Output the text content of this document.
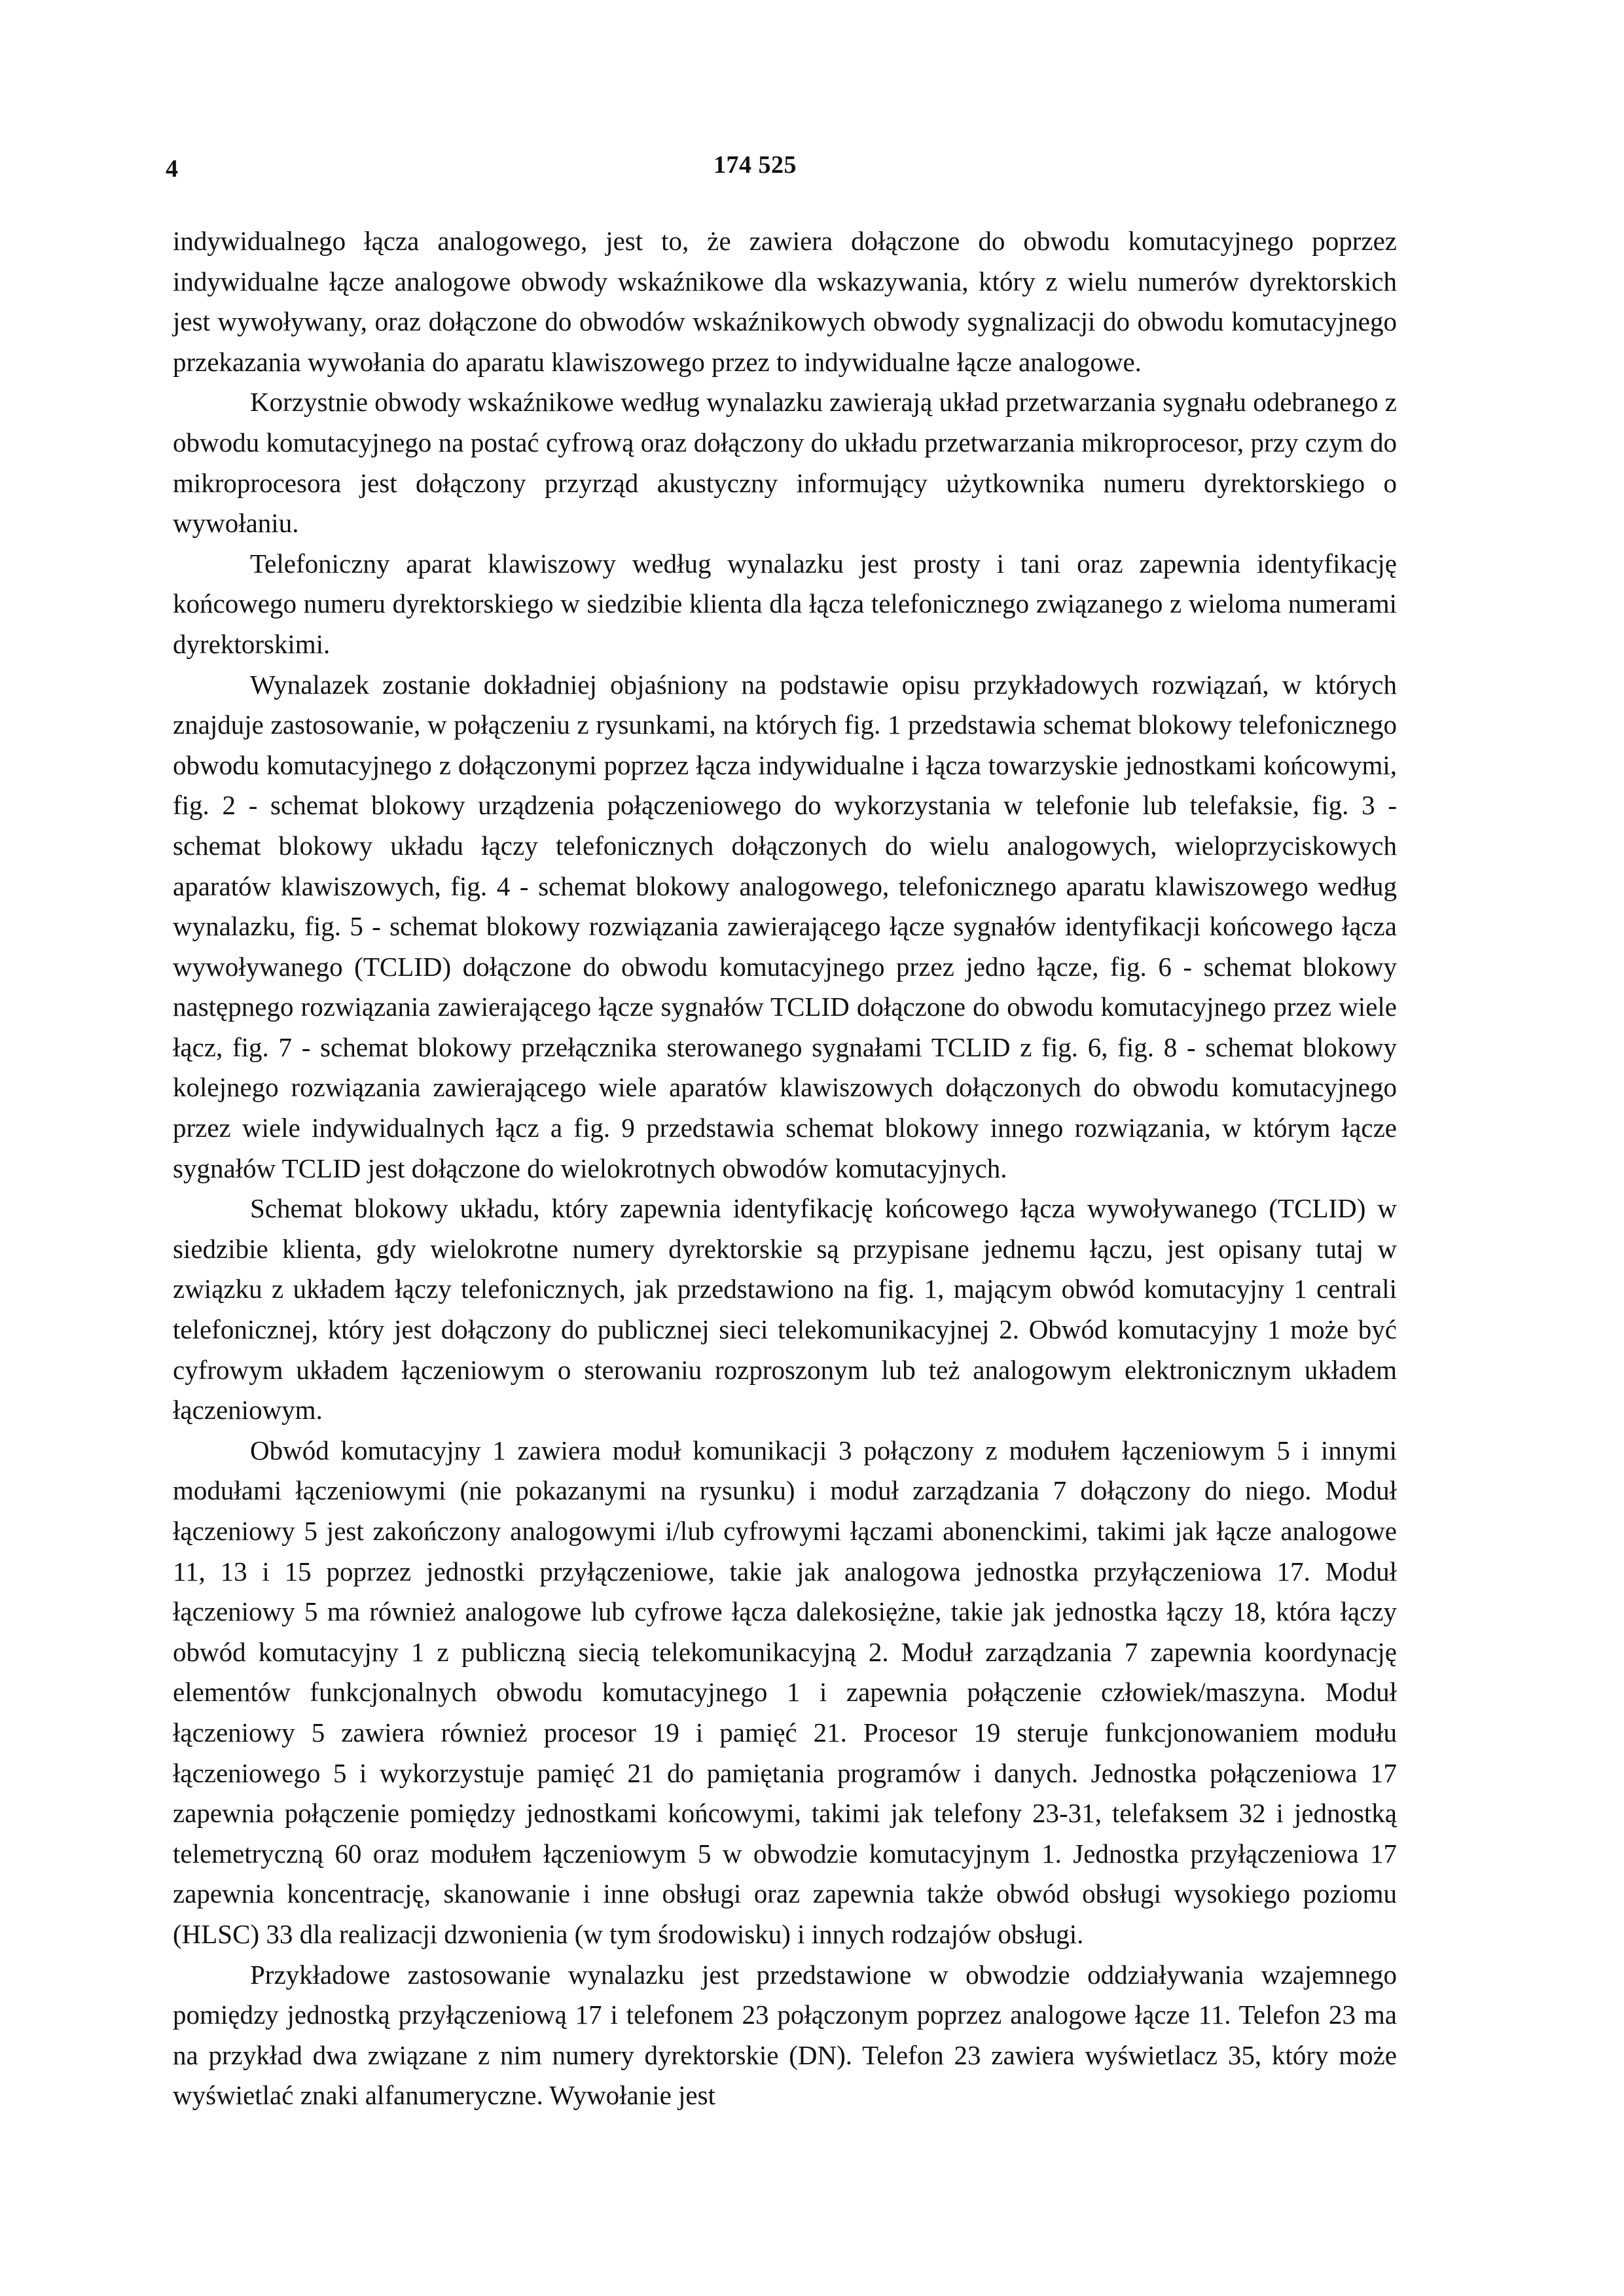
4	174 525

indywidualnego łącza analogowego, jest to, że zawiera dołączone do obwodu komutacyjnego poprzez indywidualne łącze analogowe obwody wskaźnikowe dla wskazywania, który z wielu numerów dyrektorskich jest wywoływany, oraz dołączone do obwodów wskaźnikowych obwody sygnalizacji do obwodu komutacyjnego przekazania wywołania do aparatu klawiszowego przez to indywidualne łącze analogowe.

Korzystnie obwody wskaźnikowe według wynalazku zawierają układ przetwarzania sygnału odebranego z obwodu komutacyjnego na postać cyfrową oraz dołączony do układu przetwarzania mikroprocesor, przy czym do mikroprocesora jest dołączony przyrząd akustyczny informujący użytkownika numeru dyrektorskiego o wywołaniu.

Telefoniczny aparat klawiszowy według wynalazku jest prosty i tani oraz zapewnia identyfikację końcowego numeru dyrektorskiego w siedzibie klienta dla łącza telefonicznego związanego z wieloma numerami dyrektorskimi.

Wynalazek zostanie dokładniej objaśniony na podstawie opisu przykładowych rozwiązań, w których znajduje zastosowanie, w połączeniu z rysunkami, na których fig. 1 przedstawia schemat blokowy telefonicznego obwodu komutacyjnego z dołączonymi poprzez łącza indywidualne i łącza towarzyskie jednostkami końcowymi, fig. 2 - schemat blokowy urządzenia połączeniowego do wykorzystania w telefonie lub telefaksie, fig. 3 - schemat blokowy układu łączy telefonicznych dołączonych do wielu analogowych, wieloprzyciskowych aparatów klawiszowych, fig. 4 - schemat blokowy analogowego, telefonicznego aparatu klawiszowego według wynalazku, fig. 5 - schemat blokowy rozwiązania zawierającego łącze sygnałów identyfikacji końcowego łącza wywoływanego (TCLID) dołączone do obwodu komutacyjnego przez jedno łącze, fig. 6 - schemat blokowy następnego rozwiązania zawierającego łącze sygnałów TCLID dołączone do obwodu komutacyjnego przez wiele łącz, fig. 7 - schemat blokowy przełącznika sterowanego sygnałami TCLID z fig. 6, fig. 8 - schemat blokowy kolejnego rozwiązania zawierającego wiele aparatów klawiszowych dołączonych do obwodu komutacyjnego przez wiele indywidualnych łącz a fig. 9 przedstawia schemat blokowy innego rozwiązania, w którym łącze sygnałów TCLID jest dołączone do wielokrotnych obwodów komutacyjnych.

Schemat blokowy układu, który zapewnia identyfikację końcowego łącza wywoływanego (TCLID) w siedzibie klienta, gdy wielokrotne numery dyrektorskie są przypisane jednemu łączu, jest opisany tutaj w związku z układem łączy telefonicznych, jak przedstawiono na fig. 1, mającym obwód komutacyjny 1 centrali telefonicznej, który jest dołączony do publicznej sieci telekomunikacyjnej 2. Obwód komutacyjny 1 może być cyfrowym układem łączeniowym o sterowaniu rozproszonym lub też analogowym elektronicznym układem łączeniowym.

Obwód komutacyjny 1 zawiera moduł komunikacji 3 połączony z modułem łączeniowym 5 i innymi modułami łączeniowymi (nie pokazanymi na rysunku) i moduł zarządzania 7 dołączony do niego. Moduł łączeniowy 5 jest zakończony analogowymi i/lub cyfrowymi łączami abonenckimi, takimi jak łącze analogowe 11, 13 i 15 poprzez jednostki przyłączeniowe, takie jak analogowa jednostka przyłączeniowa 17. Moduł łączeniowy 5 ma również analogowe lub cyfrowe łącza dalekosiężne, takie jak jednostka łączy 18, która łączy obwód komutacyjny 1 z publiczną siecią telekomunikacyjną 2. Moduł zarządzania 7 zapewnia koordynację elementów funkcjonalnych obwodu komutacyjnego 1 i zapewnia połączenie człowiek/maszyna. Moduł łączeniowy 5 zawiera również procesor 19 i pamięć 21. Procesor 19 steruje funkcjonowaniem modułu łączeniowego 5 i wykorzystuje pamięć 21 do pamiętania programów i danych. Jednostka połączeniowa 17 zapewnia połączenie pomiędzy jednostkami końcowymi, takimi jak telefony 23-31, telefaksem 32 i jednostką telemetryczną 60 oraz modułem łączeniowym 5 w obwodzie komutacyjnym 1. Jednostka przyłączeniowa 17 zapewnia koncentrację, skanowanie i inne obsługi oraz zapewnia także obwód obsługi wysokiego poziomu (HLSC) 33 dla realizacji dzwonienia (w tym środowisku) i innych rodzajów obsługi.

Przykładowe zastosowanie wynalazku jest przedstawione w obwodzie oddziaływania wzajemnego pomiędzy jednostką przyłączeniową 17 i telefonem 23 połączonym poprzez analogowe łącze 11. Telefon 23 ma na przykład dwa związane z nim numery dyrektorskie (DN). Telefon 23 zawiera wyświetlacz 35, który może wyświetlać znaki alfanumeryczne. Wywołanie jest
